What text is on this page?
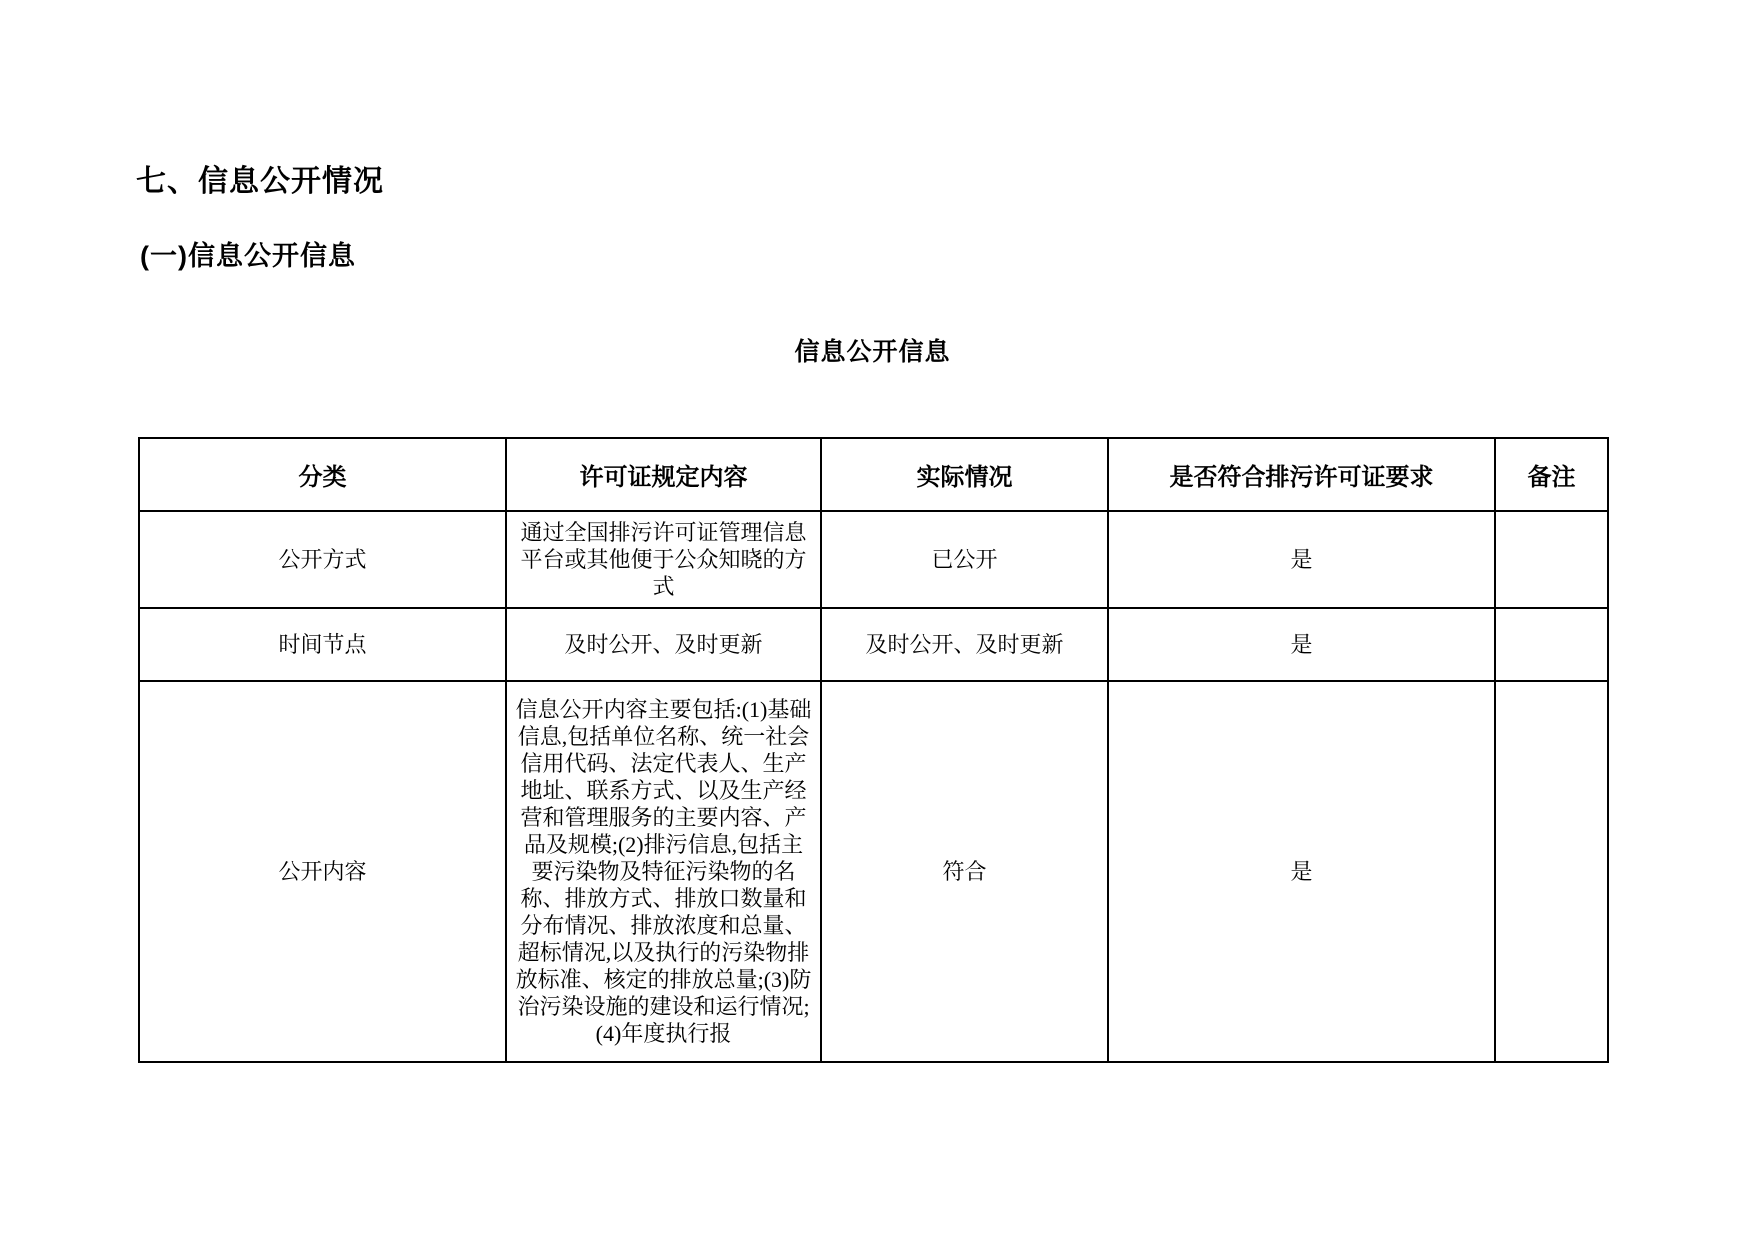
七、信息公开情况
(一)信息公开信息
信息公开信息
分类	许可证规定内容	实际情况	是否符合排污许可证要求	备注
公开方式	通过全国排污许可证管理信息平台或其他便于公众知晓的方式	已公开	是	
时间节点	及时公开、及时更新	及时公开、及时更新	是	
公开内容	信息公开内容主要包括:(1)基础信息,包括单位名称、统一社会信用代码、法定代表人、生产地址、联系方式、以及生产经营和管理服务的主要内容、产品及规模;(2)排污信息,包括主要污染物及特征污染物的名称、排放方式、排放口数量和分布情况、排放浓度和总量、超标情况,以及执行的污染物排放标准、核定的排放总量;(3)防治污染设施的建设和运行情况;(4)年度执行报	符合	是	
